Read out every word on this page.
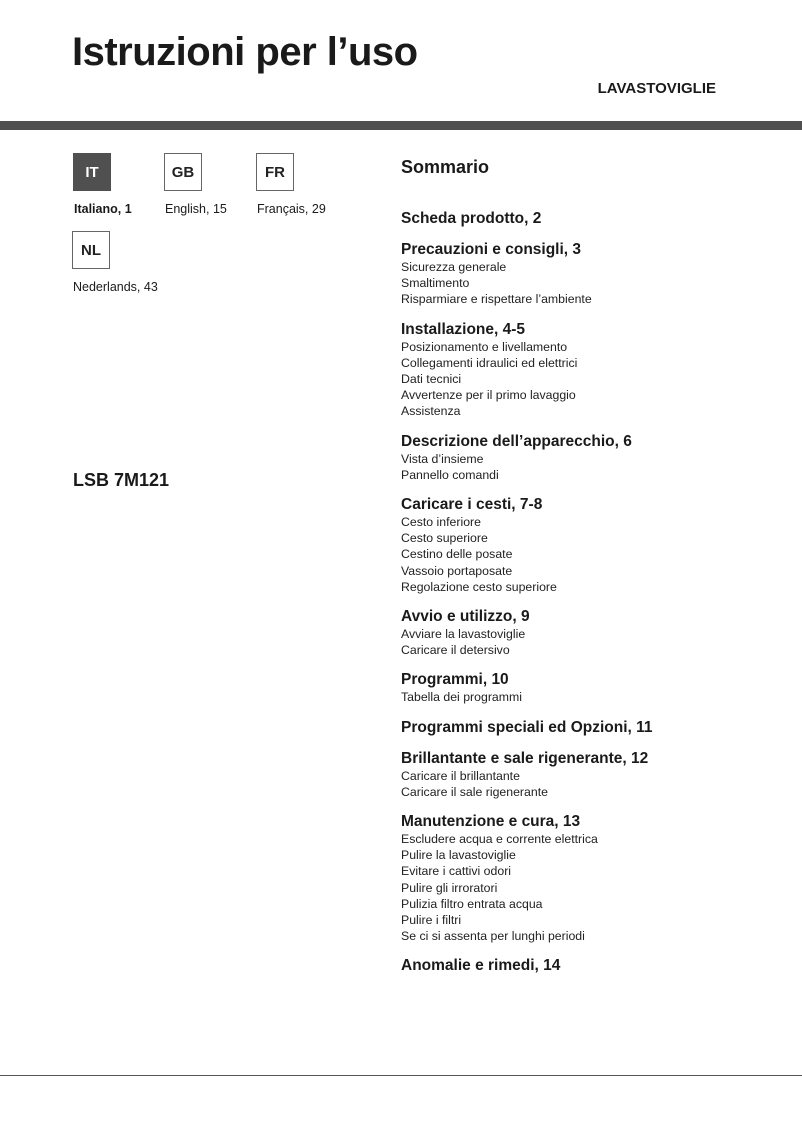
Istruzioni per l’uso
LAVASTOVIGLIE
IT
Italiano, 1
GB
English, 15
FR
Français, 29
NL
Nederlands, 43
LSB 7M121
Sommario
Scheda prodotto, 2
Precauzioni e consigli, 3
Sicurezza generale
Smaltimento
Risparmiare e rispettare l’ambiente
Installazione, 4-5
Posizionamento e livellamento
Collegamenti idraulici ed elettrici
Dati tecnici
Avvertenze per il primo lavaggio
Assistenza
Descrizione dell’apparecchio, 6
Vista d’insieme
Pannello comandi
Caricare i cesti, 7-8
Cesto inferiore
Cesto superiore
Cestino delle posate
Vassoio portaposate
Regolazione cesto superiore
Avvio e utilizzo, 9
Avviare la lavastoviglie
Caricare il detersivo
Programmi, 10
Tabella dei programmi
Programmi speciali ed Opzioni, 11
Brillantante e sale rigenerante, 12
Caricare il brillantante
Caricare il sale rigenerante
Manutenzione e cura, 13
Escludere acqua e corrente elettrica
Pulire la lavastoviglie
Evitare i cattivi odori
Pulire gli irroratori
Pulizia filtro entrata acqua
Pulire i filtri
Se ci si assenta per lunghi periodi
Anomalie e rimedi, 14
